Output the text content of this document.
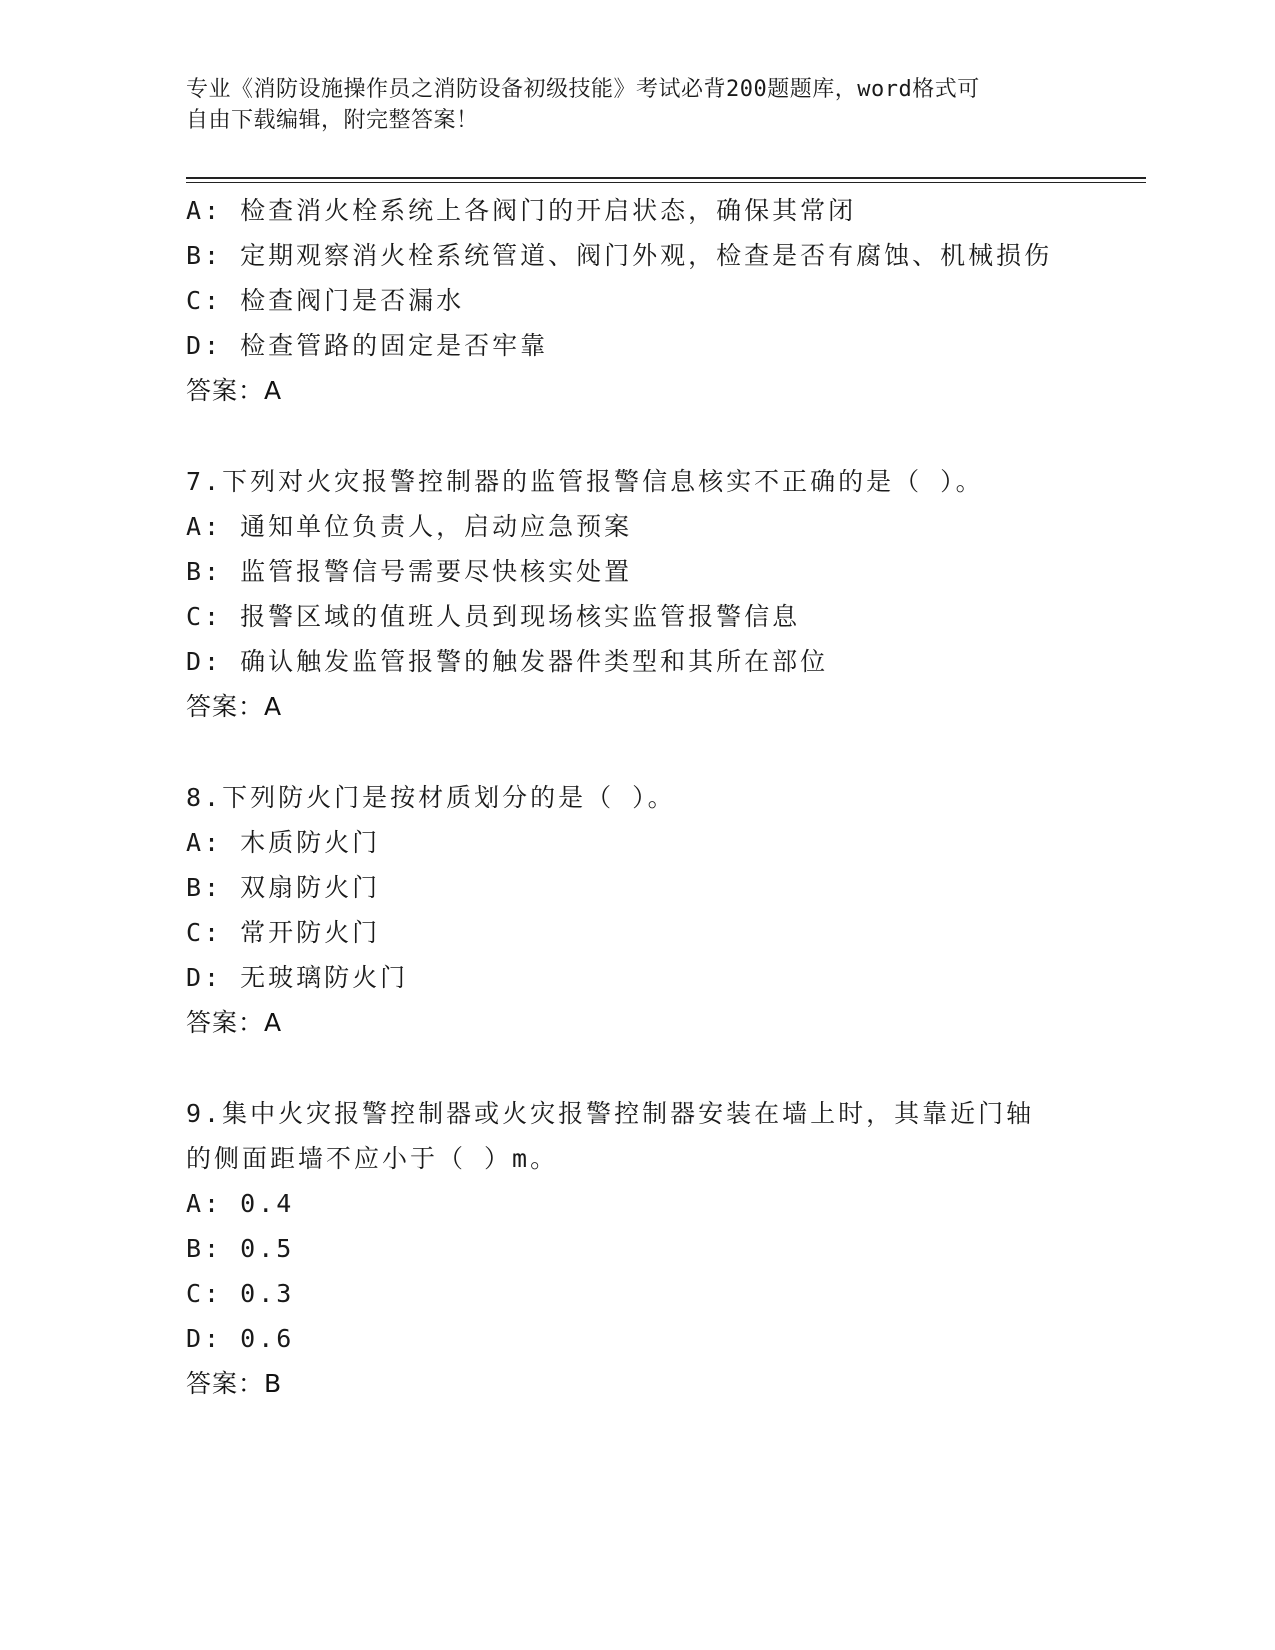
专业《消防设施操作员之消防设备初级技能》考试必背200题题库，word格式可
自由下载编辑，附完整答案！
A: 检查消火栓系统上各阀门的开启状态，确保其常闭
B: 定期观察消火栓系统管道、阀门外观，检查是否有腐蚀、机械损伤
C: 检查阀门是否漏水
D: 检查管路的固定是否牢靠
答案：A
7.下列对火灾报警控制器的监管报警信息核实不正确的是（ ）。
A: 通知单位负责人，启动应急预案
B: 监管报警信号需要尽快核实处置
C: 报警区域的值班人员到现场核实监管报警信息
D: 确认触发监管报警的触发器件类型和其所在部位
答案：A
8.下列防火门是按材质划分的是（ ）。
A: 木质防火门
B: 双扇防火门
C: 常开防火门
D: 无玻璃防火门
答案：A
9.集中火灾报警控制器或火灾报警控制器安装在墙上时，其靠近门轴
的侧面距墙不应小于（ ）m。
A: 0.4
B: 0.5
C: 0.3
D: 0.6
答案：B
